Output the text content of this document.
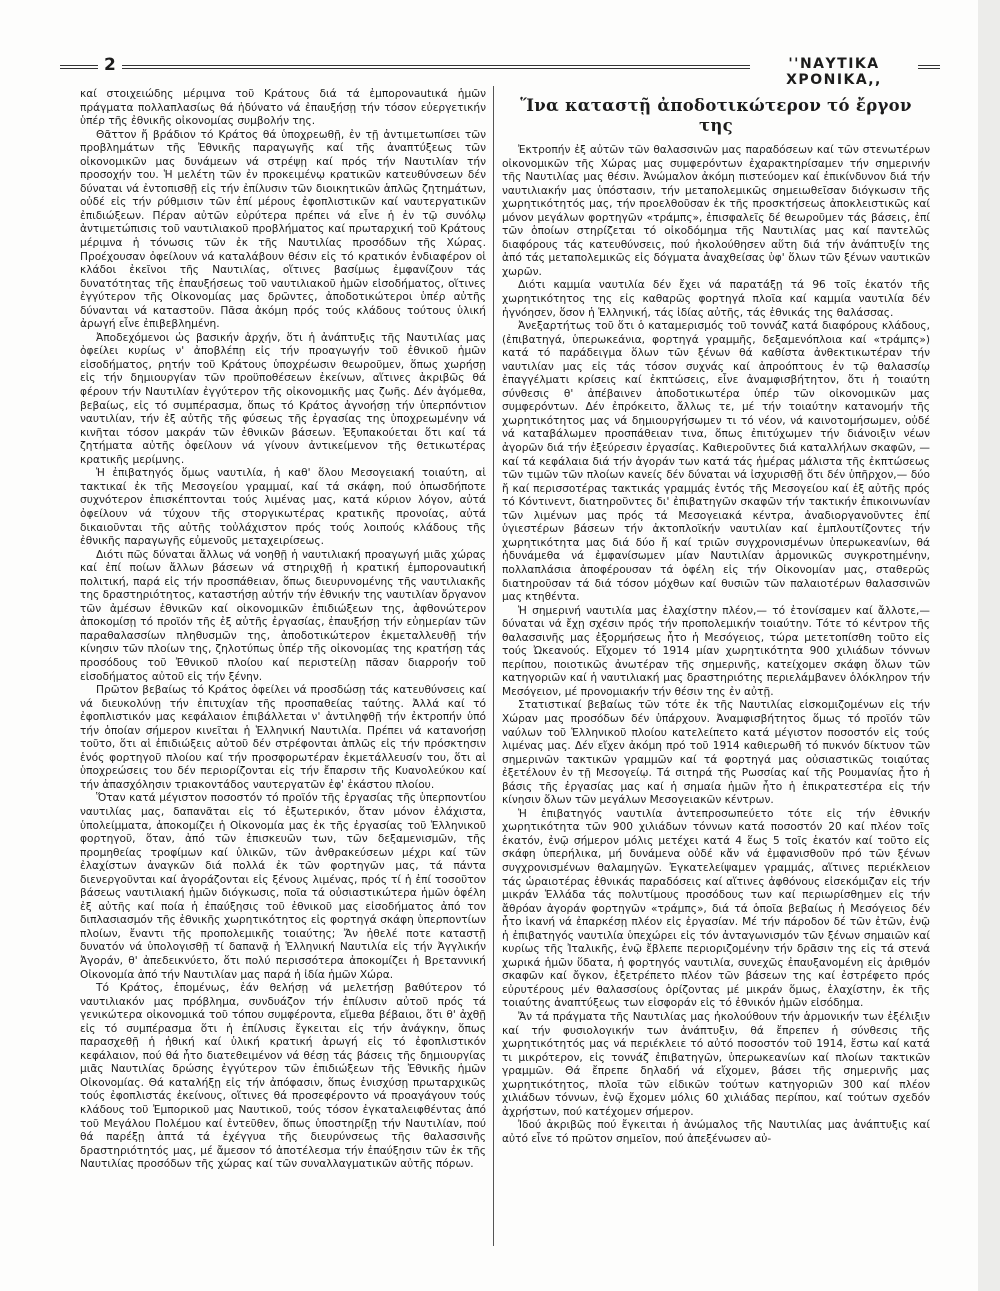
2	''ΝΑΥΤΙΚΑ ΧΡΟΝΙΚΑ,,

καί στοιχειώδης μέριμνα τοῦ Κράτους διά τά ἐμπορονautικά ἡμῶν πράγματα πολλαπλασίως θά ἠδύνατο νά ἐπαυξήσῃ τήν τόσον εὐεργετικήν ὑπέρ τῆς ἐθνικῆς οἰκονομίας συμβολήν της.

Θᾶττον ἤ βράδιον τό Κράτος θά ὑποχρεωθῇ, ἐν τῇ ἀντιμετωπίσει τῶν προβλημάτων τῆς Ἐθνικῆς παραγωγῆς καί τῆς ἀναπτύξεως τῶν οἰκονομικῶν μας δυνάμεων νά στρέψῃ καί πρός τήν Ναυτιλίαν τήν προσοχήν του. Ἡ μελέτη τῶν ἐν προκειμένῳ κρατικῶν κατευθύνσεων δέν δύναται νά ἐντοπισθῇ εἰς τήν ἐπίλυσιν τῶν διοικητικῶν ἁπλῶς ζητημάτων, οὐδέ εἰς τήν ρύθμισιν τῶν ἐπί μέρους ἐφοπλιστικῶν καί ναυτεργατικῶν ἐπιδιώξεων. Πέραν αὐτῶν εὐρύτερα πρέπει νά εἶνε ἡ ἐν τῷ συνόλῳ ἀντιμετώπισις τοῦ ναυτιλιακοῦ προβλήματος καί πρωταρχική τοῦ Κράτους μέριμνα ἡ τόνωσις τῶν ἐκ τῆς Ναυτιλίας προσόδων τῆς Χώρας. Προέχουσαν ὀφείλουν νά καταλάβουν θέσιν εἰς τό κρατικόν ἐνδιαφέρον οἱ κλάδοι ἐκεῖνοι τῆς Ναυτιλίας, οἵτινες βασίμως ἐμφανίζουν τάς δυνατότητας τῆς ἐπαυξήσεως τοῦ ναυτιλιακοῦ ἡμῶν εἰσοδήματος, οἵτινες ἐγγύτερον τῆς Οἰκονομίας μας δρῶντες, ἀποδοτικώτεροι ὑπέρ αὐτῆς δύνανται νά καταστοῦν. Πᾶσα ἀκόμη πρός τούς κλάδους τούτους ὑλική ἀρωγή εἶνε ἐπιβεβλημένη.

Ἀποδεχόμενοι ὡς βασικήν ἀρχήν, ὅτι ἡ ἀνάπτυξις τῆς Ναυτιλίας μας ὀφείλει κυρίως ν' ἀποβλέπῃ εἰς τήν προαγωγήν τοῦ ἐθνικοῦ ἡμῶν εἰσοδήματος, ρητήν τοῦ Κράτους ὑποχρέωσιν θεωροῦμεν, ὅπως χωρήσῃ εἰς τήν δημιουργίαν τῶν προϋποθέσεων ἐκείνων, αἵτινες ἀκριβῶς θά φέρουν τήν Ναυτιλίαν ἐγγύτερον τῆς οἰκονομικῆς μας ζωῆς. Δέν ἀγόμεθα, βεβαίως, εἰς τό συμπέρασμα, ὅπως τό Κράτος ἀγνοήσῃ τήν ὑπερπόντιον ναυτιλίαν, τήν ἐξ αὐτῆς τῆς φύσεως τῆς ἐργασίας της ὑποχρεωμένην νά κινῆται τόσον μακράν τῶν ἐθνικῶν βάσεων. Ἐξυπακούεται ὅτι καί τά ζητήματα αὐτῆς ὀφείλουν νά γίνουν ἀντικείμενον τῆς θετικωτέρας κρατικῆς μερίμνης.

Ἡ ἐπιβατηγός ὅμως ναυτιλία, ἡ καθ' ὅλου Μεσογειακή τοιαύτη, αἱ τακτικαί ἐκ τῆς Μεσογείου γραμμαί, καί τά σκάφη, πού ὁπωσδήποτε συχνότερον ἐπισκέπτονται τούς λιμένας μας, κατά κύριον λόγον, αὐτά ὀφείλουν νά τύχουν τῆς στοργικωτέρας κρατικῆς προνοίας, αὐτά δικαιοῦνται τῆς αὐτῆς τοὐλάχιστον πρός τούς λοιπούς κλάδους τῆς ἐθνικῆς παραγωγῆς εὐμενοῦς μεταχειρίσεως.

Διότι πῶς δύναται ἄλλως νά νοηθῇ ἡ ναυτιλιακή προαγωγή μιᾶς χώρας καί ἐπί ποίων ἄλλων βάσεων νά στηριχθῇ ἡ κρατική ἐμπορονautική πολιτική, παρά εἰς τήν προσπάθειαν, ὅπως διευρυνομένης τῆς ναυτιλιακῆς της δραστηριότητος, καταστήσῃ αὐτήν τήν ἐθνικήν της ναυτιλίαν ὄργανον τῶν ἀμέσων ἐθνικῶν καί οἰκονομικῶν ἐπιδιώξεων της, ἀφθονώτερον ἀποκομίσῃ τό προϊόν τῆς ἐξ αὐτῆς ἐργασίας, ἐπαυξήσῃ τήν εὐημερίαν τῶν παραθαλασσίων πληθυσμῶν της, ἀποδοτικώτερον ἐκμεταλλευθῇ τήν κίνησιν τῶν πλοίων της, ζηλοτύπως ὑπέρ τῆς οἰκονομίας της κρατήσῃ τάς προσόδους τοῦ Ἐθνικοῦ πλοίου καί περιστείλῃ πᾶσαν διαρροήν τοῦ εἰσοδήματος αὐτοῦ εἰς τήν ξένην.

Πρῶτον βεβαίως τό Κράτος ὀφείλει νά προσδώσῃ τάς κατευθύνσεις καί νά διευκολύνῃ τήν ἐπιτυχίαν τῆς προσπαθείας ταύτης. Ἀλλά καί τό ἐφοπλιστικόν μας κεφάλαιον ἐπιβάλλεται ν' ἀντιληφθῇ τήν ἐκτροπήν ὑπό τήν ὁποίαν σήμερον κινεῖται ἡ Ἑλληνική Ναυτιλία. Πρέπει νά κατανοήσῃ τοῦτο, ὅτι αἱ ἐπιδιώξεις αὐτοῦ δέν στρέφονται ἁπλῶς εἰς τήν πρόσκτησιν ἑνός φορτηγοῦ πλοίου καί τήν προσφορωτέραν ἐκμετάλλευσίν του, ὅτι αἱ ὑποχρεώσεις του δέν περιορίζονται εἰς τήν ἔπαρσιν τῆς Κυανολεύκου καί τήν ἀπασχόλησιν τριακοντάδος ναυτεργατῶν ἐφ' ἑκάστου πλοίου.

Ὅταν κατά μέγιστον ποσοστόν τό προϊόν τῆς ἐργασίας τῆς ὑπερποντίου ναυτιλίας μας, δαπανᾶται εἰς τό ἐξωτερικόν, ὅταν μόνον ἐλάχιστα, ὑπολείμματα, ἀποκομίζει ἡ Οἰκονομία μας ἐκ τῆς ἐργασίας τοῦ Ἑλληνικοῦ φορτηγοῦ, ὅταν, ἀπό τῶν ἐπισκευῶν των, τῶν δεξαμενισμῶν, τῆς προμηθείας τροφίμων καί ὑλικῶν, τῶν ἀνθρακεύσεων μέχρι καί τῶν ἐλαχίστων ἀναγκῶν διά πολλά ἐκ τῶν φορτηγῶν μας, τά πάντα διενεργοῦνται καί ἀγοράζονται εἰς ξένους λιμένας, πρός τί ἡ ἐπί τοσοῦτον βάσεως ναυτιλιακή ἡμῶν διόγκωσις, ποῖα τά οὐσιαστικώτερα ἡμῶν ὀφέλη ἐξ αὐτῆς καί ποία ἡ ἐπαύξησις τοῦ ἐθνικοῦ μας εἰσοδήματος ἀπό τον διπλασιασμόν τῆς ἐθνικῆς χωρητικότητος εἰς φορτηγά σκάφη ὑπερποντίων πλοίων, ἔναντι τῆς προπολεμικῆς τοιαύτης; Ἄν ἠθελέ ποτε καταστῇ δυνατόν νά ὑπολογισθῇ τί δαπανᾷ ἡ Ἑλληνική Ναυτιλία εἰς τήν Ἀγγλικήν Ἀγοράν, θ' ἀπεδεικνύετο, ὅτι πολύ περισσότερα ἀποκομίζει ἡ Βρεταννική Οἰκονομία ἀπό τήν Ναυτιλίαν μας παρά ἡ ἰδία ἡμῶν Χώρα.

Τό Κράτος, ἑπομένως, ἐάν θελήσῃ νά μελετήσῃ βαθύτερον τό ναυτιλιακόν μας πρόβλημα, συνδυάζον τήν ἐπίλυσιν αὐτοῦ πρός τά γενικώτερα οἰκονομικά τοῦ τόπου συμφέροντα, εἴμεθα βέβαιοι, ὅτι θ' ἀχθῇ εἰς τό συμπέρασμα ὅτι ἡ ἐπίλυσις ἔγκειται εἰς τήν ἀνάγκην, ὅπως παρασχεθῇ ἡ ἠθική καί ὑλική κρατική ἀρωγή εἰς τό ἐφοπλιστικόν κεφάλαιον, πού θά ἦτο διατεθειμένον νά θέσῃ τάς βάσεις τῆς δημιουργίας μιᾶς Ναυτιλίας δρώσης ἐγγύτερον τῶν ἐπιδιώξεων τῆς Ἐθνικῆς ἡμῶν Οἰκονομίας. Θά καταλήξῃ εἰς τήν ἀπόφασιν, ὅπως ἐνισχύσῃ πρωταρχικῶς τούς ἐφοπλιστάς ἐκείνους, οἵτινες θά προσεφέροντο νά προαγάγουν τούς κλάδους τοῦ Ἐμπορικοῦ μας Ναυτικοῦ, τούς τόσον ἐγκαταλειφθέντας ἀπό τοῦ Μεγάλου Πολέμου καί ἐντεῦθεν, ὅπως ὑποστηρίξῃ τήν Ναυτιλίαν, πού θά παρέξῃ ἁπτά τά ἐχέγγυα τῆς διευρύνσεως τῆς θαλασσινῆς δραστηριότητός μας, μέ ἄμεσον τό ἀποτέλεσμα τήν ἐπαύξησιν τῶν ἐκ τῆς Ναυτιλίας προσόδων τῆς χώρας καί τῶν συναλλαγματικῶν αὐτῆς πόρων.

Ἵνα καταστῇ ἀποδοτικώτερον τό ἔργον της

Ἐκτροπήν ἐξ αὐτῶν τῶν θαλασσινῶν μας παραδόσεων καί τῶν στενωτέρων οἰκονομικῶν τῆς Χώρας μας συμφερόντων ἐχαρακτηρίσαμεν τήν σημερινήν τῆς Ναυτιλίας μας θέσιν. Ἀνώμαλον ἀκόμη πιστεύομεν καί ἐπικίνδυνον διά τήν ναυτιλιακήν μας ὑπόστασιν, τήν μεταπολεμικῶς σημειωθεῖσαν διόγκωσιν τῆς χωρητικότητός μας, τήν προελθοῦσαν ἐκ τῆς προσκτήσεως ἀποκλειστικῶς καί μόνον μεγάλων φορτηγῶν «τράμπς», ἐπισφαλεῖς δέ θεωροῦμεν τάς βάσεις, ἐπί τῶν ὁποίων στηρίζεται τό οἰκοδόμημα τῆς Ναυτιλίας μας καί παντελῶς διαφόρους τάς κατευθύνσεις, πού ἠκολούθησεν αὕτη διά τήν ἀνάπτυξίν της ἀπό τάς μεταπολεμικῶς εἰς δόγματα ἀναχθείσας ὑφ' ὅλων τῶν ξένων ναυτικῶν χωρῶν.

Διότι καμμία ναυτιλία δέν ἔχει νά παρατάξῃ τά 96 τοῖς ἑκατόν τῆς χωρητικότητος της εἰς καθαρῶς φορτηγά πλοῖα καί καμμία ναυτιλία δέν ἠγνόησεν, ὅσον ἡ Ἑλληνική, τάς ἰδίας αὐτῆς, τάς ἐθνικάς της θαλάσσας.

Ἀνεξαρτήτως τοῦ ὅτι ὁ καταμερισμός τοῦ τοννάζ κατά διαφόρους κλάδους, (ἐπιβατηγά, ὑπερωκεάνια, φορτηγά γραμμῆς, δεξαμενόπλοια καί «τράμπς») κατά τό παράδειγμα ὅλων τῶν ξένων θά καθίστα ἀνθεκτικωτέραν τήν ναυτιλίαν μας εἰς τάς τόσον συχνάς καί ἀπροόπτους ἐν τῷ θαλασσίῳ ἐπαγγέλματι κρίσεις καί ἐκπτώσεις, εἶνε ἀναμφισβήτητον, ὅτι ἡ τοιαύτη σύνθεσις θ' ἀπέβαινεν ἀποδοτικωτέρα ὑπέρ τῶν οἰκονομικῶν μας συμφερόντων. Δέν ἐπρόκειτο, ἄλλως τε, μέ τήν τοιαύτην κατανομήν τῆς χωρητικότητος μας νά δημιουργήσωμεν τι τό νέον, νά καινοτομήσωμεν, οὐδέ νά καταβάλωμεν προσπάθειαν τινα, ὅπως ἐπιτύχωμεν τήν διάνοιξιν νέων ἀγορῶν διά τήν ἐξεύρεσιν ἐργασίας. Καθιεροῦντες διά καταλλήλων σκαφῶν, — καί τά κεφάλαια διά τήν ἀγοράν των κατά τάς ἡμέρας μάλιστα τῆς ἐκπτώσεως τῶν τιμῶν τῶν πλοίων κανείς δέν δύναται νά ἰσχυρισθῇ ὅτι δέν ὑπῆρχον,— δύο ἤ καί περισσοτέρας τακτικάς γραμμάς ἐντός τῆς Μεσογείου καί ἐξ αὐτῆς πρός τό Κόντινεντ, διατηροῦντες δι' ἐπιβατηγῶν σκαφῶν τήν τακτικήν ἐπικοινωνίαν τῶν λιμένων μας πρός τά Μεσογειακά κέντρα, ἀναδιοργανοῦντες ἐπί ὑγιεστέρων βάσεων τήν ἀκτοπλοϊκήν ναυτιλίαν καί ἐμπλουτίζοντες τήν χωρητικότητα μας διά δύο ἤ καί τριῶν συγχρονισμένων ὑπερωκεανίων, θά ἠδυνάμεθα νά ἐμφανίσωμεν μίαν Ναυτιλίαν ἁρμονικῶς συγκροτημένην, πολλαπλάσια ἀποφέρουσαν τά ὀφέλη εἰς τήν Οἰκονομίαν μας, σταθερῶς διατηροῦσαν τά διά τόσον μόχθων καί θυσιῶν τῶν παλαιοτέρων θαλασσινῶν μας κτηθέντα.

Ἡ σημερινή ναυτιλία μας ἐλαχίστην πλέον,— τό ἐτονίσαμεν καί ἄλλοτε,— δύναται νά ἔχῃ σχέσιν πρός τήν προπολεμικήν τοιαύτην. Τότε τό κέντρον τῆς θαλασσινῆς μας ἐξορμήσεως ἦτο ἡ Μεσόγειος, τώρα μετετοπίσθη τοῦτο εἰς τούς Ὠκεανούς. Εἴχομεν τό 1914 μίαν χωρητικότητα 900 χιλιάδων τόννων περίπου, ποιοτικῶς ἀνωτέραν τῆς σημερινῆς, κατείχομεν σκάφη ὅλων τῶν κατηγοριῶν καί ἡ ναυτιλιακή μας δραστηριότης περιελάμβανεν ὁλόκληρον τήν Μεσόγειον, μέ προνομιακήν τήν θέσιν της ἐν αὐτῇ.

Στατιστικαί βεβαίως τῶν τότε ἐκ τῆς Ναυτιλίας εἰσκομιζομένων εἰς τήν Χώραν μας προσόδων δέν ὑπάρχουν. Ἀναμφισβήτητος ὅμως τό προϊόν τῶν ναύλων τοῦ Ἑλληνικοῦ πλοίου κατελείπετο κατά μέγιστον ποσοστόν εἰς τούς λιμένας μας. Δέν εἴχεν ἀκόμη πρό τοῦ 1914 καθιερωθῆ τό πυκνόν δίκτυον τῶν σημερινῶν τακτικῶν γραμμῶν καί τά φορτηγά μας οὐσιαστικῶς τοιαύτας ἐξετέλουν ἐν τῇ Μεσογείῳ. Τά σιτηρά τῆς Ρωσσίας καί τῆς Ρουμανίας ἦτο ἡ βάσις τῆς ἐργασίας μας καί ἡ σημαία ἡμῶν ἦτο ἡ ἐπικρατεστέρα εἰς τήν κίνησιν ὅλων τῶν μεγάλων Μεσογειακῶν κέντρων.

Ἡ ἐπιβατηγός ναυτιλία ἀντεπροσωπεύετο τότε εἰς τήν ἐθνικήν χωρητικότητα τῶν 900 χιλιάδων τόννων κατά ποσοστόν 20 καί πλέον τοῖς ἑκατόν, ἐνῷ σήμερον μόλις μετέχει κατά 4 ἕως 5 τοῖς ἑκατόν καί τοῦτο εἰς σκάφη ὑπερήλικα, μή δυνάμενα οὐδέ κἄν νά ἐμφανισθοῦν πρό τῶν ξένων συγχρονισμένων θαλαμηγῶν. Ἐγκατελείψαμεν γραμμάς, αἵτινες περιέκλειον τάς ὡραιοτέρας ἐθνικάς παραδόσεις καί αἵτινες ἀφθόνους εἰσεκόμιζαν εἰς τήν μικράν Ἑλλάδα τάς πολυτίμους προσόδους των καί περιωρίσθημεν εἰς τήν ἄθρόαν ἀγοράν φορτηγῶν «τράμπς», διά τά ὁποῖα βεβαίως ἡ Μεσόγειος δέν ἦτο ἱκανή νά ἐπαρκέσῃ πλέον εἰς ἐργασίαν. Μέ τήν πάροδον δέ τῶν ἐτῶν, ἐνῷ ἡ ἐπιβατηγός ναυτιλία ὑπεχώρει εἰς τόν ἀνταγωνισμόν τῶν ξένων σημαιῶν καί κυρίως τῆς Ἰταλικῆς, ἐνῷ ἔβλεπε περιοριζομένην τήν δρᾶσιν της εἰς τά στενά χωρικά ἡμῶν ὕδατα, ἡ φορτηγός ναυτιλία, συνεχῶς ἐπαυξανομένη εἰς ἀριθμόν σκαφῶν καί ὄγκον, ἐξετρέπετο πλέον τῶν βάσεων της καί ἐστρέφετο πρός εὐρυτέρους μέν θαλασσίους ὁρίζοντας μέ μικράν ὅμως, ἐλαχίστην, ἐκ τῆς τοιαύτης ἀναπτύξεως των εἰσφοράν εἰς τό ἐθνικόν ἡμῶν εἰσόδημα.

Ἄν τά πράγματα τῆς Ναυτιλίας μας ἠκολούθουν τήν ἁρμονικήν των ἐξέλιξιν καί τήν φυσιολογικήν των ἀνάπτυξιν, θά ἔπρεπεν ἡ σύνθεσις τῆς χωρητικότητός μας νά περιέκλειε τό αὐτό ποσοστόν τοῦ 1914, ἔστω καί κατά τι μικρότερον, εἰς τοννάζ ἐπιβατηγῶν, ὑπερωκεανίων καί πλοίων τακτικῶν γραμμῶν. Θά ἔπρεπε δηλαδή νά εἴχομεν, βάσει τῆς σημερινῆς μας χωρητικότητος, πλοῖα τῶν εἰδικῶν τούτων κατηγοριῶν 300 καί πλέον χιλιάδων τόννων, ἐνῷ ἔχομεν μόλις 60 χιλιάδας περίπου, καί τούτων σχεδόν ἀχρήστων, πού κατέχομεν σήμερον.

Ἰδού ἀκριβῶς πού ἔγκειται ἡ ἀνώμαλος τῆς Ναυτιλίας μας ἀνάπτυξις καί αὐτό εἶνε τό πρῶτον σημεῖον, πού ἀπεξένωσεν αὐ-
